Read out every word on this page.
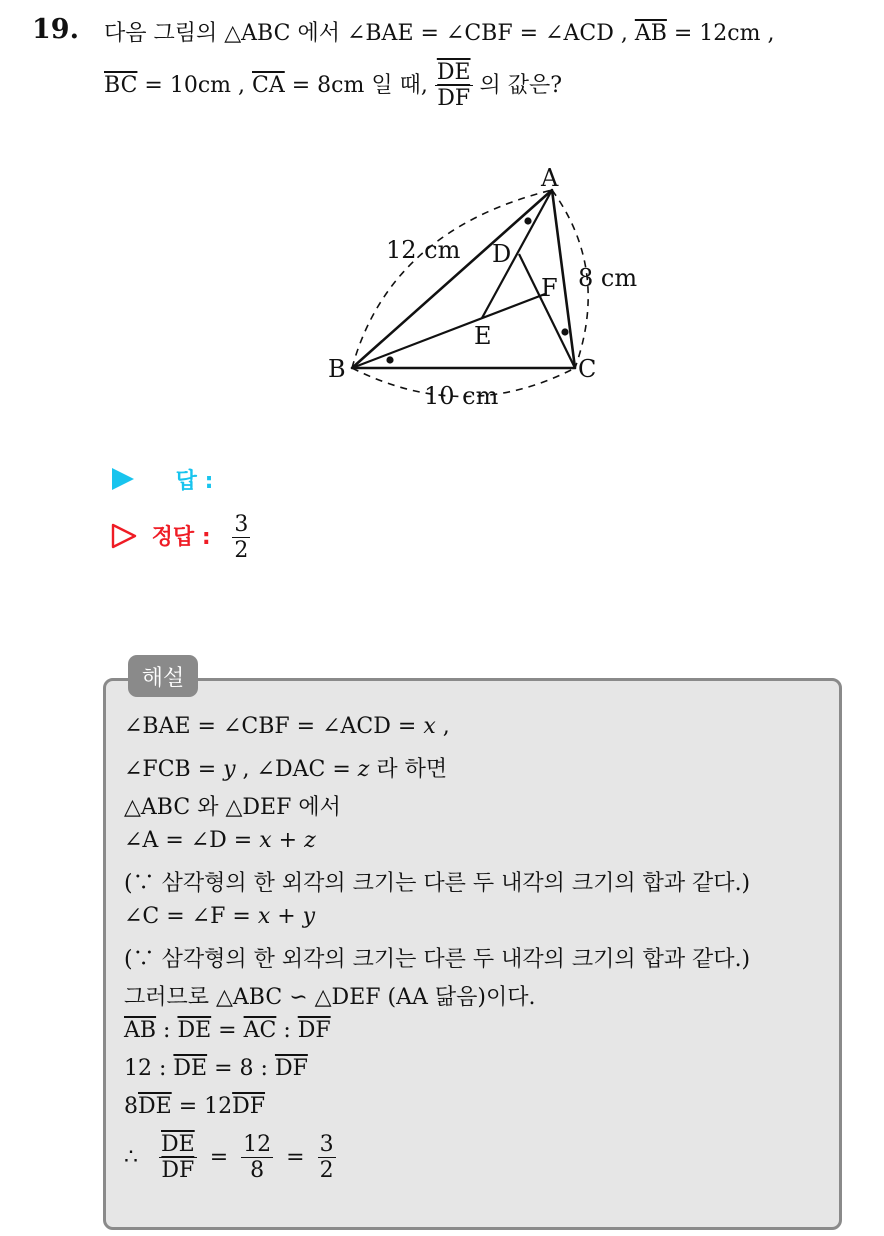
19. 다음 그림의 △ABC 에서 ∠BAE = ∠CBF = ∠ACD , $\overline{AB} = 12cm$ ,
$\overline{BC} = 10cm$ , $\overline{CA} = 8cm$ 일 때, $\frac{\overline{DE}}{DF}$ 의 값은?
A
B	C
D
E
F
12 cm
8 cm
10 cm
답 :
정답 : $\frac{3}{2}$
해설
∠BAE = ∠CBF = ∠ACD = x ,
∠FCB = y , ∠DAC = z 라 하면
△ABC 와 △DEF 에서
∠A = ∠D = x + z
(∵ 삼각형의 한 외각의 크기는 다른 두 내각의 크기의 합과 같다.)
∠C = ∠F = x + y
(∵ 삼각형의 한 외각의 크기는 다른 두 내각의 크기의 합과 같다.)
그러므로 △ABC ∽ △DEF (AA 닮음)이다.
$\overline{AB}$ : $\overline{DE} = \overline{AC}$ : $\overline{DF}$
12 : $\overline{DE} = 8$ : $\overline{DF}$
$8\overline{DE} = 12\overline{DF}$
∴ $\frac{\overline{DE}}{DF} = \frac{12}{8} = \frac{3}{2}$
